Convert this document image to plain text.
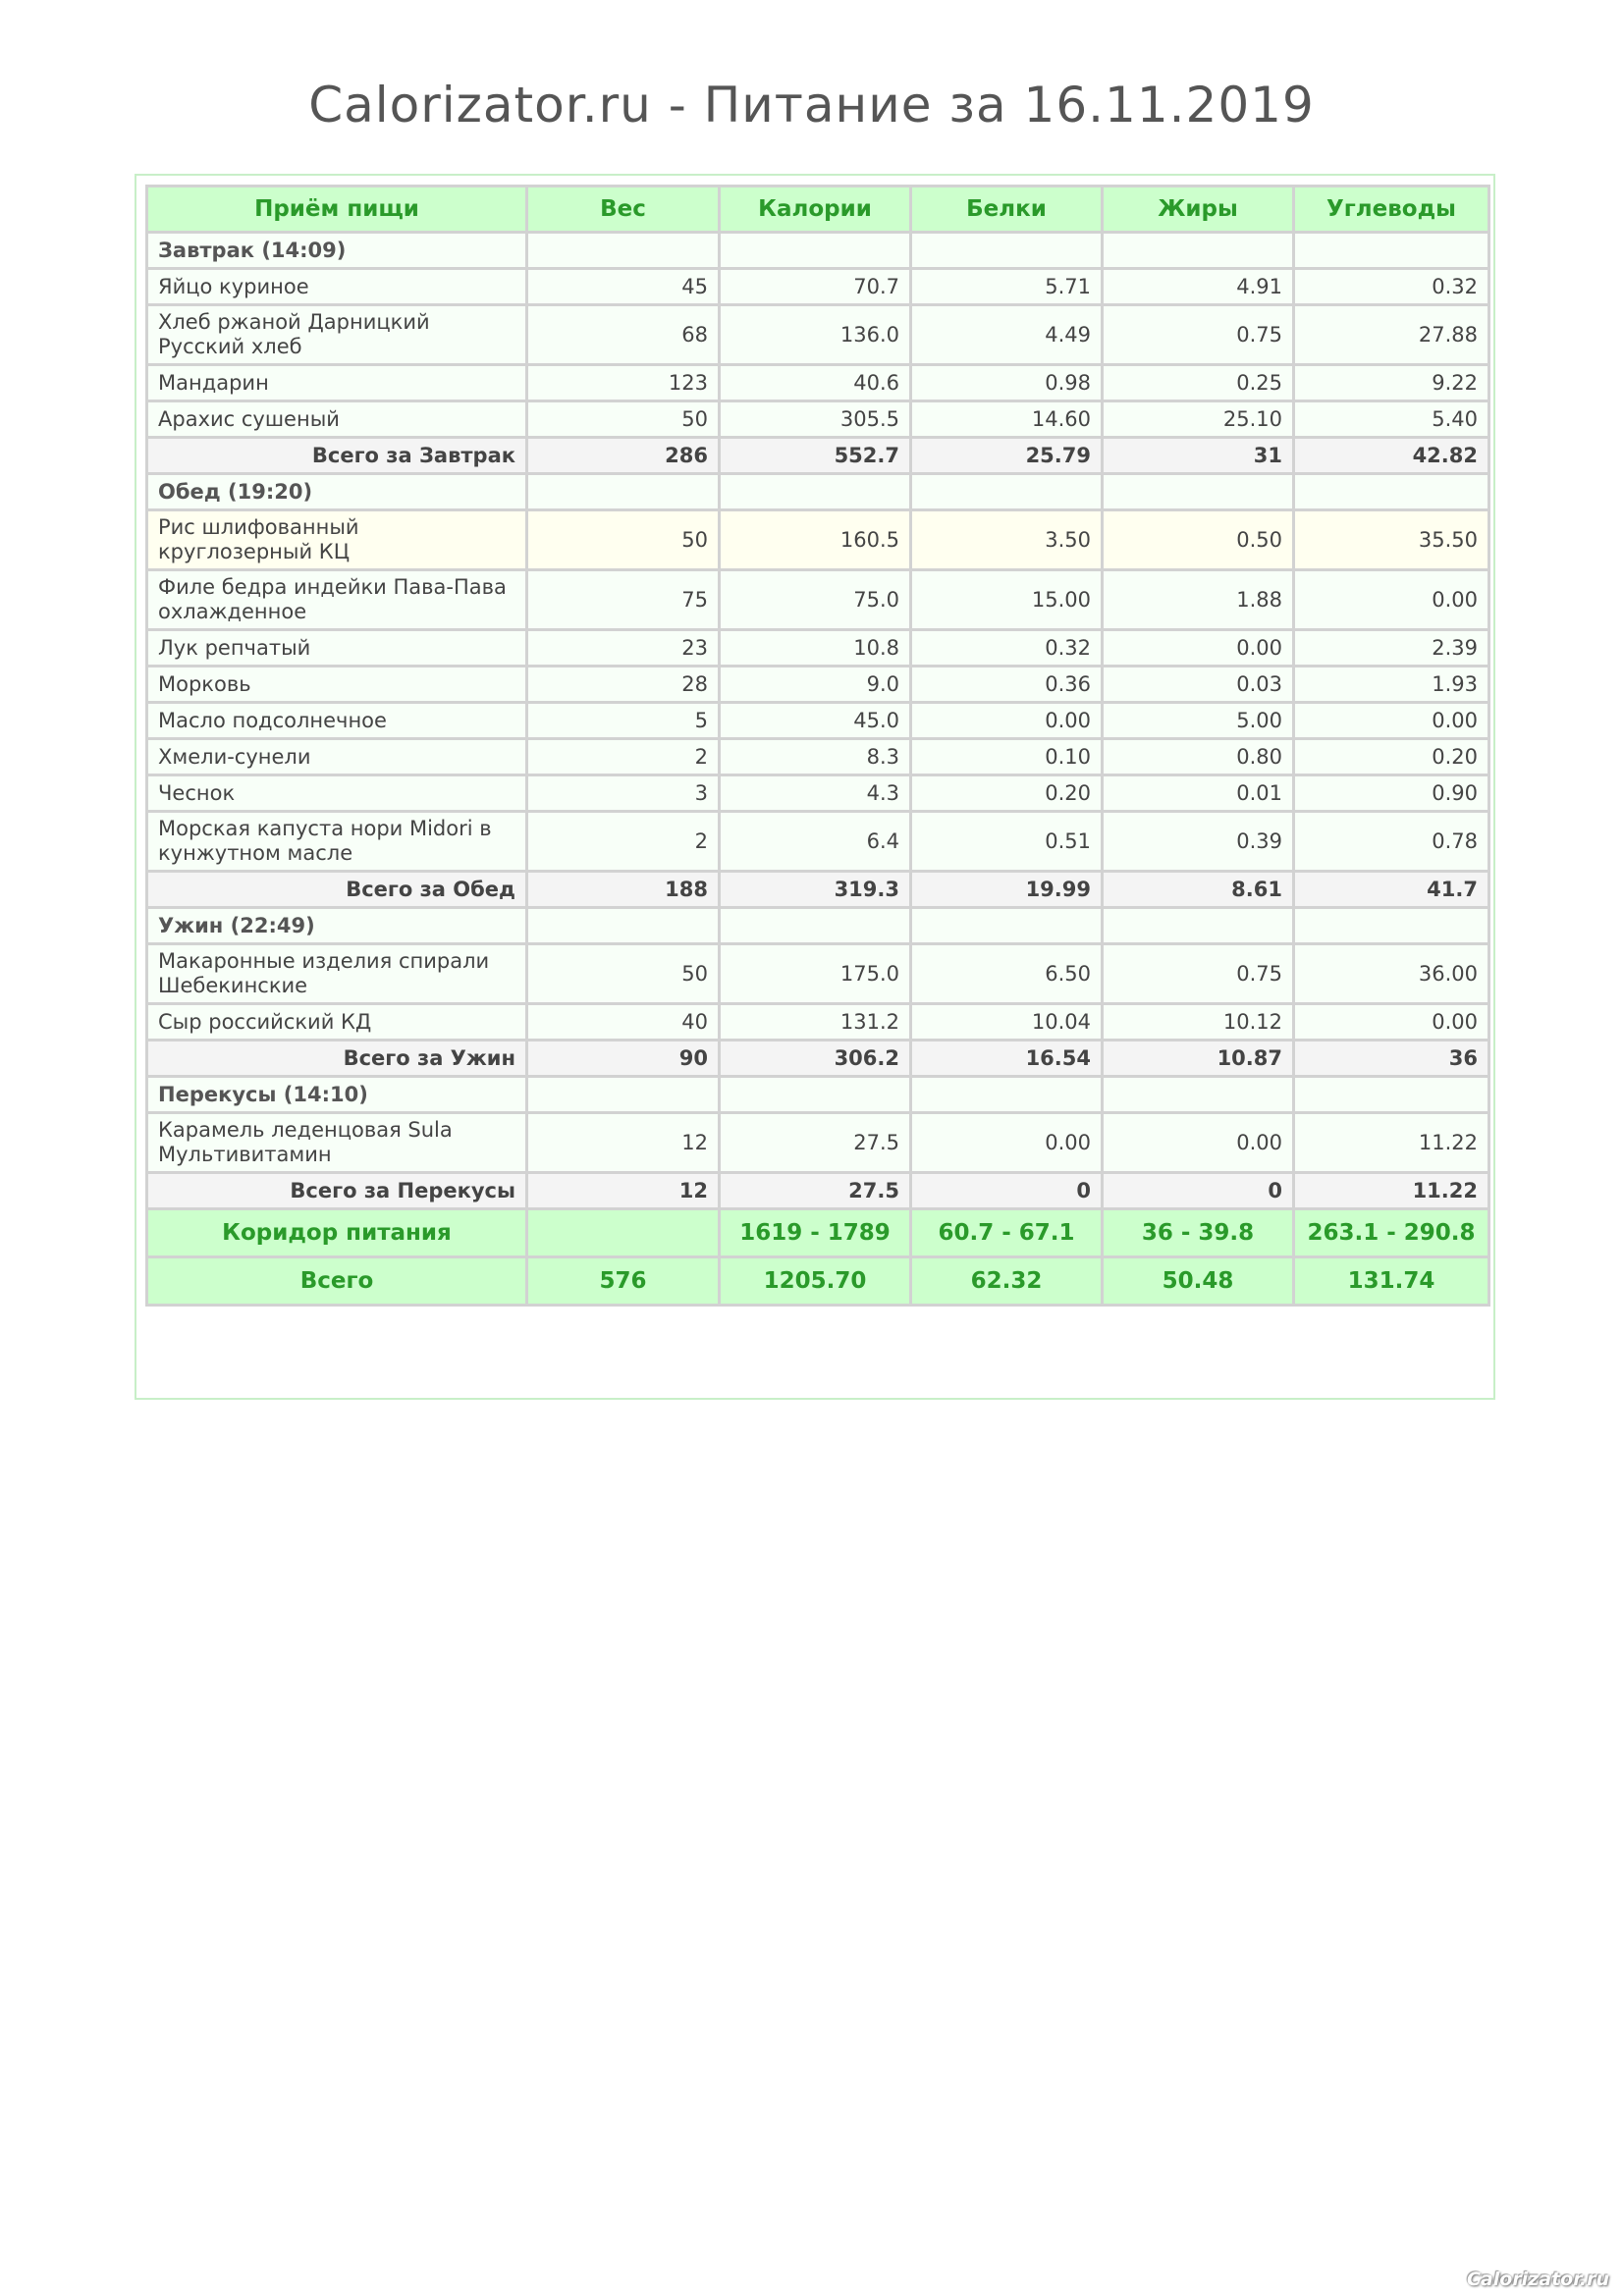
Calorizator.ru - Питание за 16.11.2019
Приём пищи	Вес	Калории	Белки	Жиры	Углеводы
Завтрак (14:09)					
Яйцо куриное	45	70.7	5.71	4.91	0.32
Хлеб ржаной Дарницкий Русский хлеб	68	136.0	4.49	0.75	27.88
Мандарин	123	40.6	0.98	0.25	9.22
Арахис сушеный	50	305.5	14.60	25.10	5.40
Всего за Завтрак	286	552.7	25.79	31	42.82
Обед (19:20)					
Рис шлифованный круглозерный КЦ	50	160.5	3.50	0.50	35.50
Филе бедра индейки Пава-Пава охлажденное	75	75.0	15.00	1.88	0.00
Лук репчатый	23	10.8	0.32	0.00	2.39
Морковь	28	9.0	0.36	0.03	1.93
Масло подсолнечное	5	45.0	0.00	5.00	0.00
Хмели-сунели	2	8.3	0.10	0.80	0.20
Чеснок	3	4.3	0.20	0.01	0.90
Морская капуста нори Midori в кунжутном масле	2	6.4	0.51	0.39	0.78
Всего за Обед	188	319.3	19.99	8.61	41.7
Ужин (22:49)					
Макаронные изделия спирали Шебекинские	50	175.0	6.50	0.75	36.00
Сыр российский КД	40	131.2	10.04	10.12	0.00
Всего за Ужин	90	306.2	16.54	10.87	36
Перекусы (14:10)					
Карамель леденцовая Sula Мультивитамин	12	27.5	0.00	0.00	11.22
Всего за Перекусы	12	27.5	0	0	11.22
Коридор питания		1619 - 1789	60.7 - 67.1	36 - 39.8	263.1 - 290.8
Всего	576	1205.70	62.32	50.48	131.74
Calorizator.ru
